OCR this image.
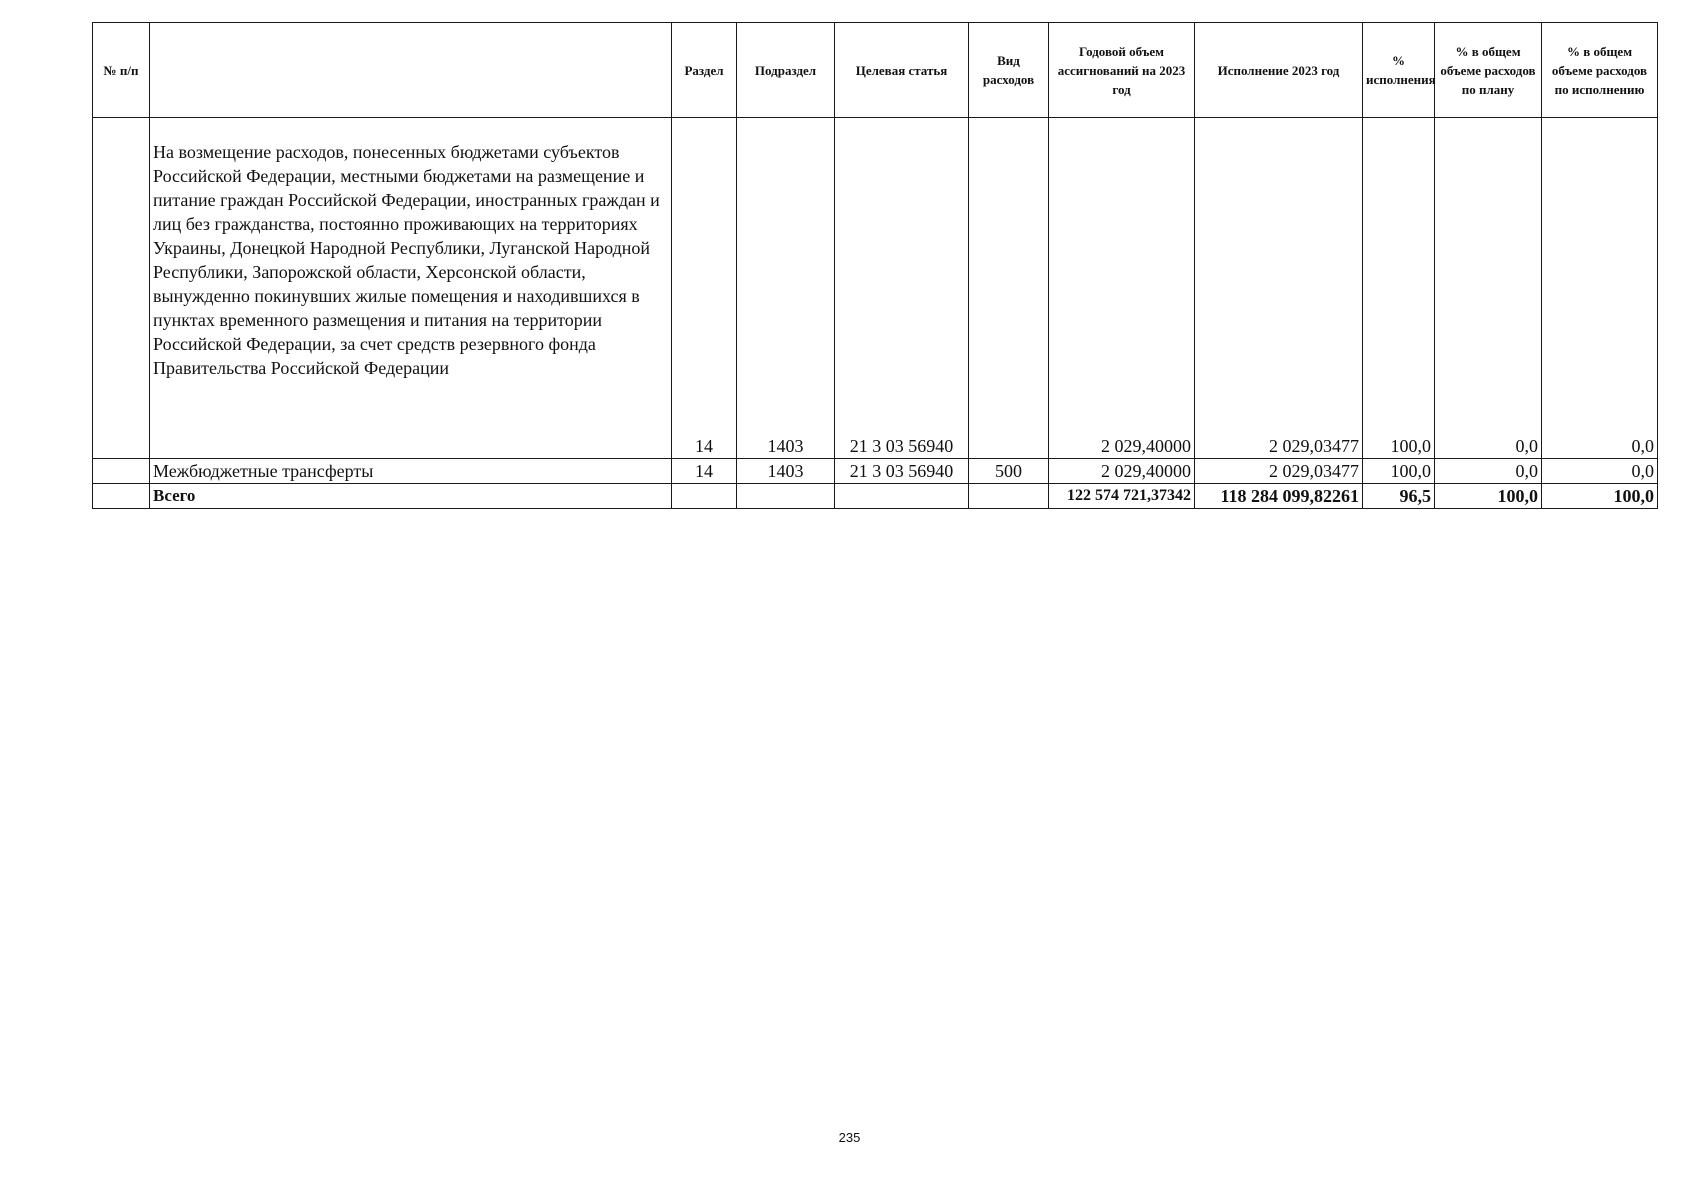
№ п/п		Раздел	Подраздел	Целевая статья	Вид расходов	Годовой объем ассигнований на 2023 год	Исполнение 2023 год	% исполнения	% в общем объеме расходов по плану	% в общем объеме расходов по исполнению
	На возмещение расходов, понесенных бюджетами субъектов Российской Федерации, местными бюджетами на размещение и питание граждан Российской Федерации, иностранных граждан и лиц без гражданства, постоянно проживающих на территориях Украины, Донецкой Народной Республики, Луганской Народной Республики, Запорожской области, Херсонской области, вынужденно покинувших жилые помещения и находившихся в пунктах временного размещения и питания на территории Российской Федерации, за счет средств резервного фонда Правительства Российской Федерации	14	1403	21 3 03 56940		2 029,40000	2 029,03477	100,0	0,0	0,0
	Межбюджетные трансферты	14	1403	21 3 03 56940	500	2 029,40000	2 029,03477	100,0	0,0	0,0
	Всего					122 574 721,37342	118 284 099,82261	96,5	100,0	100,0
235
